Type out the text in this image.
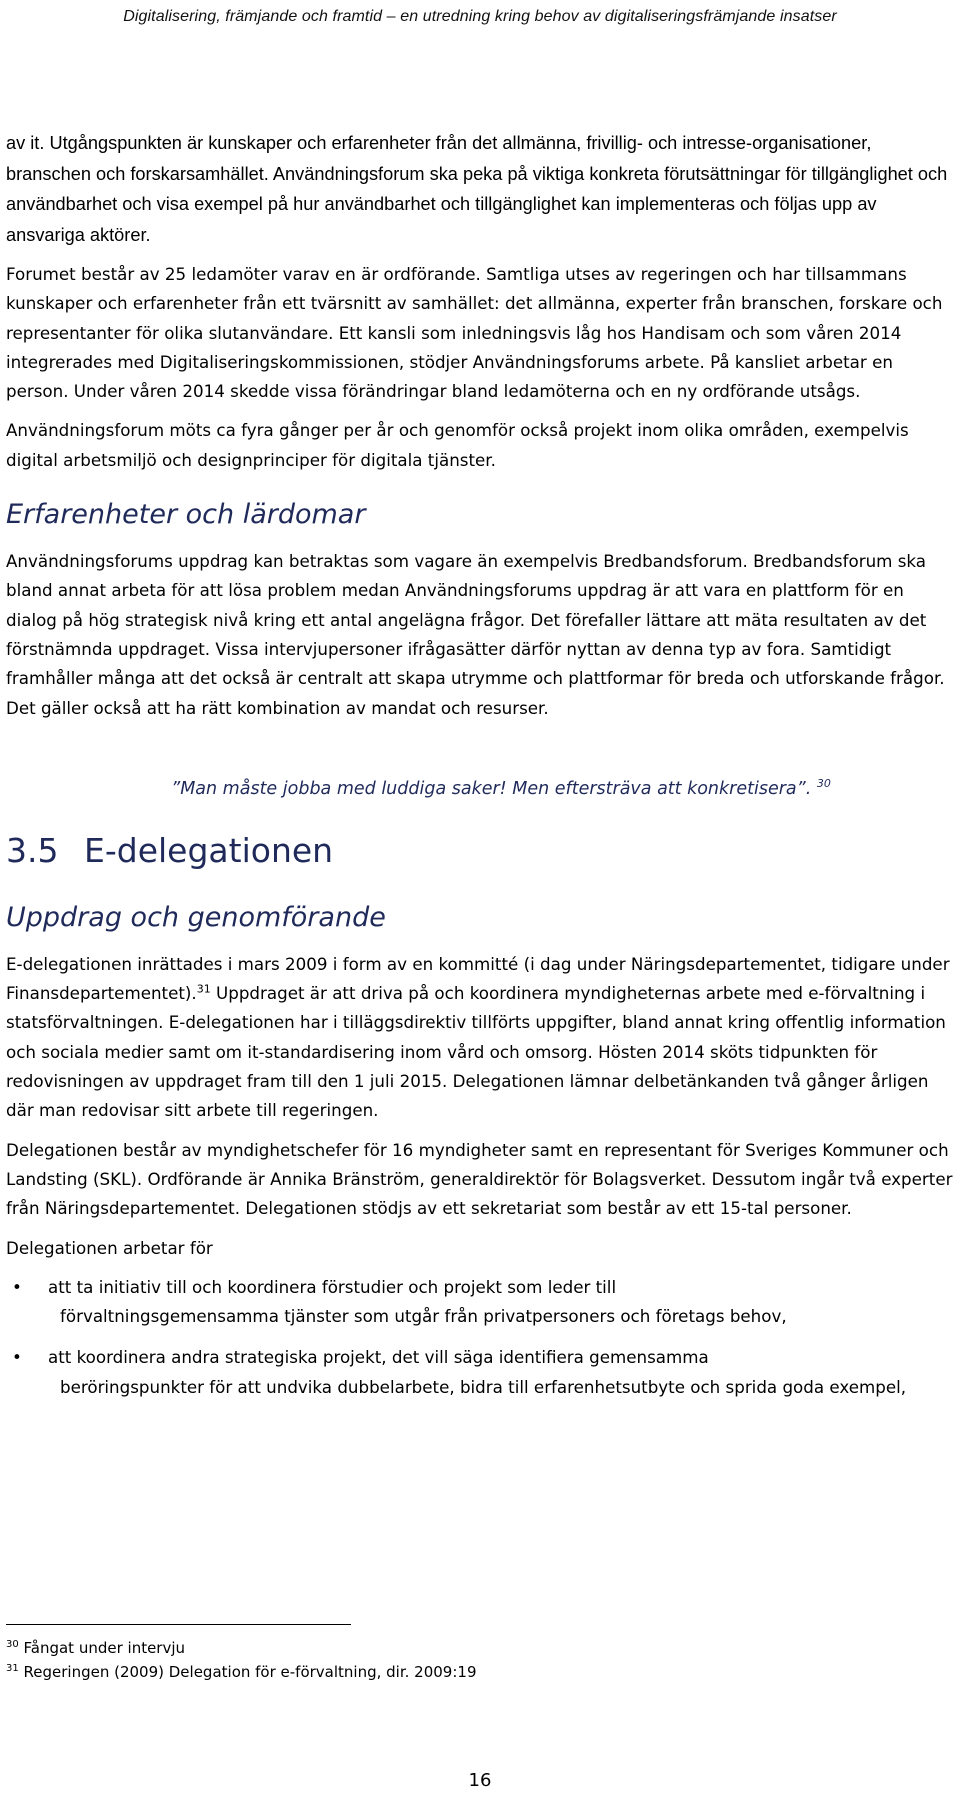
Digitalisering, främjande och framtid – en utredning kring behov av digitaliseringsfrämjande insatser

av it. Utgångspunkten är kunskaper och erfarenheter från det allmänna, frivillig- och intresse-organisationer, branschen och forskarsamhället. Användningsforum ska peka på viktiga konkreta förutsättningar för tillgänglighet och användbarhet och visa exempel på hur användbarhet och tillgänglighet kan implementeras och följas upp av ansvariga aktörer.

Forumet består av 25 ledamöter varav en är ordförande. Samtliga utses av regeringen och har tillsammans kunskaper och erfarenheter från ett tvärsnitt av samhället: det allmänna, experter från branschen, forskare och representanter för olika slutanvändare. Ett kansli som inledningsvis låg hos Handisam och som våren 2014 integrerades med Digitaliseringskommissionen, stödjer Användningsforums arbete. På kansliet arbetar en person. Under våren 2014 skedde vissa förändringar bland ledamöterna och en ny ordförande utsågs.

Användningsforum möts ca fyra gånger per år och genomför också projekt inom olika områden, exempelvis digital arbetsmiljö och designprinciper för digitala tjänster.

Erfarenheter och lärdomar

Användningsforums uppdrag kan betraktas som vagare än exempelvis Bredbandsforum. Bredbandsforum ska bland annat arbeta för att lösa problem medan Användningsforums uppdrag är att vara en plattform för en dialog på hög strategisk nivå kring ett antal angelägna frågor. Det förefaller lättare att mäta resultaten av det förstnämnda uppdraget. Vissa intervjupersoner ifrågasätter därför nyttan av denna typ av fora. Samtidigt framhåller många att det också är centralt att skapa utrymme och plattformar för breda och utforskande frågor. Det gäller också att ha rätt kombination av mandat och resurser.

”Man måste jobba med luddiga saker! Men eftersträva att konkretisera”. $^{30}$
3.5 E-delegationen
Uppdrag och genomförande

E-delegationen inrättades i mars 2009 i form av en kommitté (i dag under Näringsdepartementet, tidigare under Finansdepartementet).$^{31}$ Uppdraget är att driva på och koordinera myndigheternas arbete med e-förvaltning i statsförvaltningen. E-delegationen har i tilläggsdirektiv tillförts uppgifter, bland annat kring offentlig information och sociala medier samt om it-standardisering inom vård och omsorg. Hösten 2014 sköts tidpunkten för redovisningen av uppdraget fram till den 1 juli 2015. Delegationen lämnar delbetänkanden två gånger årligen där man redovisar sitt arbete till regeringen.

Delegationen består av myndighetschefer för 16 myndigheter samt en representant för Sveriges Kommuner och Landsting (SKL). Ordförande är Annika Bränström, generaldirektör för Bolagsverket. Dessutom ingår två experter från Näringsdepartementet. Delegationen stödjs av ett sekretariat som består av ett 15-tal personer.

Delegationen arbetar för

• att ta initiativ till och koordinera förstudier och projekt som leder till
förvaltningsgemensamma tjänster som utgår från privatpersoners och företags behov,
• att koordinera andra strategiska projekt, det vill säga identifiera gemensamma
beröringspunkter för att undvika dubbelarbete, bidra till erfarenhetsutbyte och sprida goda exempel,
$^{30}$ Fångat under intervju
$^{31}$ Regeringen (2009) Delegation för e-förvaltning, dir. 2009:19
16
